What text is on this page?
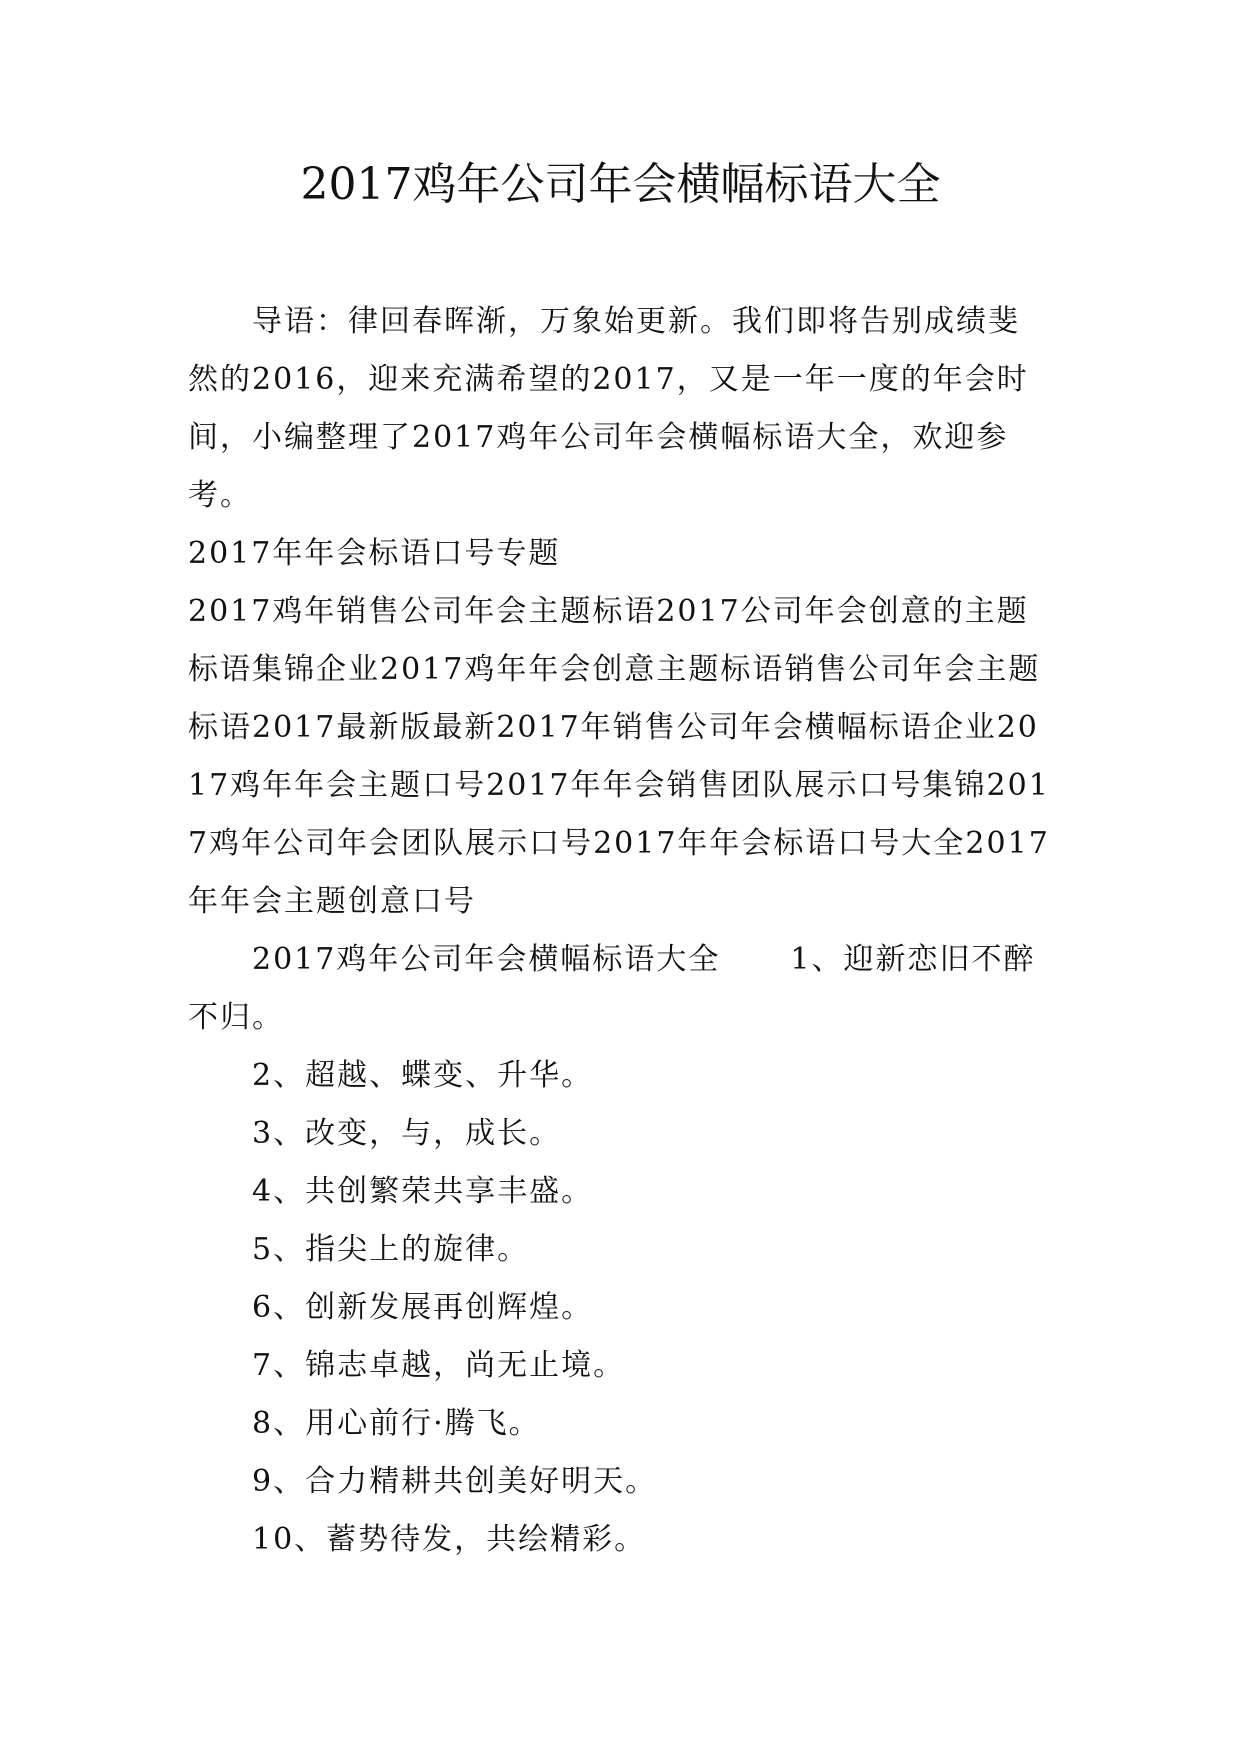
2017鸡年公司年会横幅标语大全

导语：律回春晖渐，万象始更新。我们即将告别成绩斐然的2016，迎来充满希望的2017，又是一年一度的年会时间，小编整理了2017鸡年公司年会横幅标语大全，欢迎参考。

2017年年会标语口号专题

2017鸡年销售公司年会主题标语2017公司年会创意的主题标语集锦企业2017鸡年年会创意主题标语销售公司年会主题标语2017最新版最新2017年销售公司年会横幅标语企业2017鸡年年会主题口号2017年年会销售团队展示口号集锦2017鸡年公司年会团队展示口号2017年年会标语口号大全2017年年会主题创意口号

2017鸡年公司年会横幅标语大全 1、迎新恋旧不醉不归。

2、超越、蝶变、升华。

3、改变，与，成长。

4、共创繁荣共享丰盛。

5、指尖上的旋律。

6、创新发展再创辉煌。

7、锦志卓越，尚无止境。

8、用心前行·腾飞。

9、合力精耕共创美好明天。

10、蓄势待发，共绘精彩。
